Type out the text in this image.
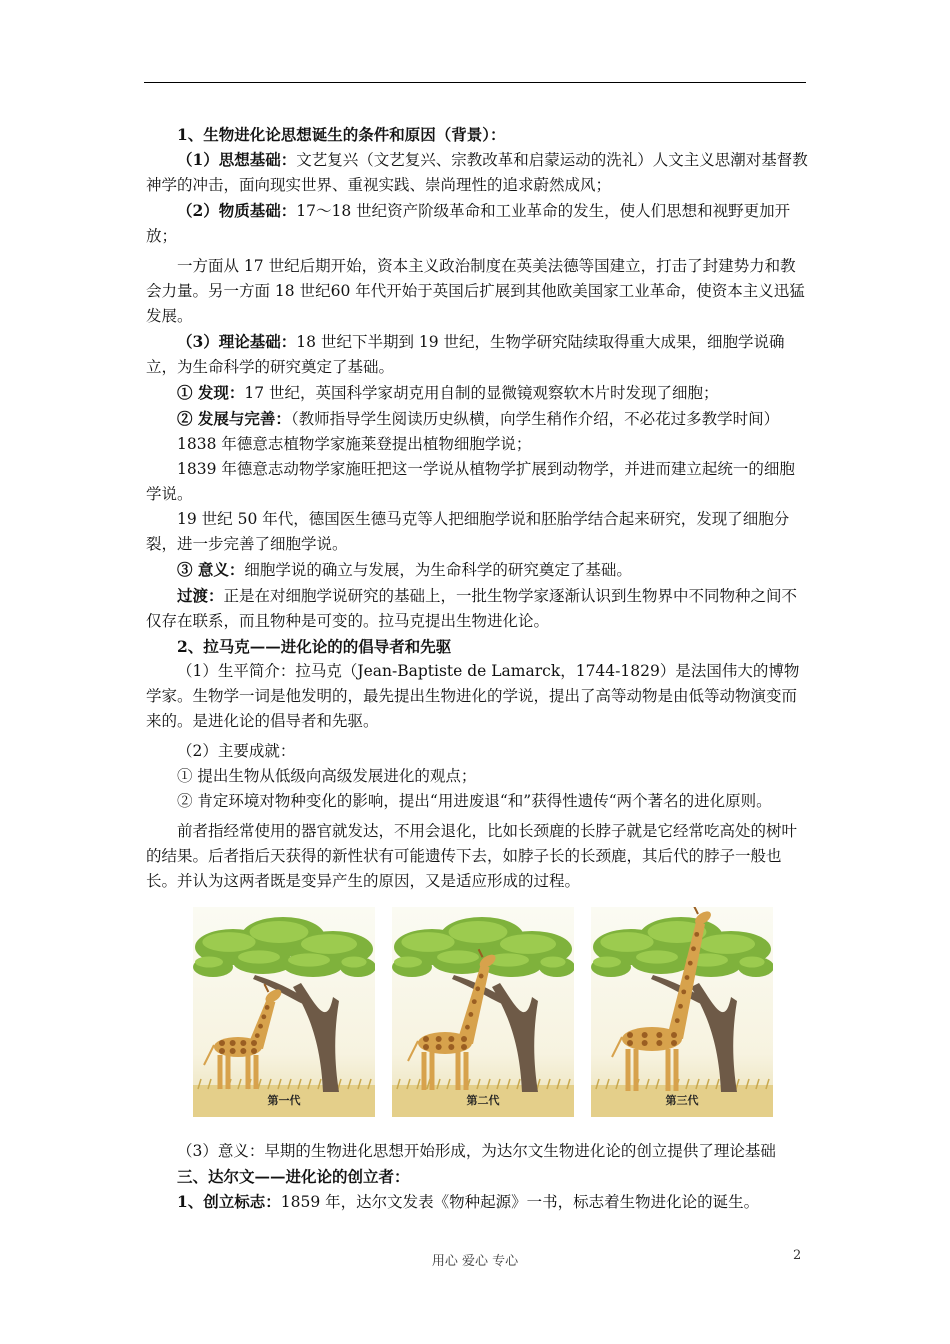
1、生物进化论思想诞生的条件和原因（背景）：

（1）思想基础：文艺复兴（文艺复兴、宗教改革和启蒙运动的洗礼）人文主义思潮对基督教神学的冲击，面向现实世界、重视实践、崇尚理性的追求蔚然成风；

（2）物质基础：17～18 世纪资产阶级革命和工业革命的发生，使人们思想和视野更加开放；

一方面从 17 世纪后期开始，资本主义政治制度在英美法德等国建立，打击了封建势力和教会力量。另一方面 18 世纪60 年代开始于英国后扩展到其他欧美国家工业革命，使资本主义迅猛发展。

（3）理论基础：18 世纪下半期到 19 世纪，生物学研究陆续取得重大成果，细胞学说确立，为生命科学的研究奠定了基础。

① 发现：17 世纪，英国科学家胡克用自制的显微镜观察软木片时发现了细胞；

② 发展与完善：（教师指导学生阅读历史纵横，向学生稍作介绍，不必花过多教学时间）

1838 年德意志植物学家施莱登提出植物细胞学说；

1839 年德意志动物学家施旺把这一学说从植物学扩展到动物学，并进而建立起统一的细胞学说。

19 世纪 50 年代，德国医生德马克等人把细胞学说和胚胎学结合起来研究，发现了细胞分裂，进一步完善了细胞学说。

③ 意义：细胞学说的确立与发展，为生命科学的研究奠定了基础。

过渡：正是在对细胞学说研究的基础上，一批生物学家逐渐认识到生物界中不同物种之间不仅存在联系，而且物种是可变的。拉马克提出生物进化论。

2、拉马克——进化论的的倡导者和先驱

（1）生平简介：拉马克（Jean-Baptiste de Lamarck，1744-1829）是法国伟大的博物学家。生物学一词是他发明的，最先提出生物进化的学说，提出了高等动物是由低等动物演变而来的。是进化论的倡导者和先驱。

（2）主要成就：

① 提出生物从低级向高级发展进化的观点；

② 肯定环境对物种变化的影响，提出“用进废退“和”获得性遗传“两个著名的进化原则。

前者指经常使用的器官就发达，不用会退化，比如长颈鹿的长脖子就是它经常吃高处的树叶的结果。后者指后天获得的新性状有可能遗传下去，如脖子长的长颈鹿，其后代的脖子一般也长。并认为这两者既是变异产生的原因，又是适应形成的过程。

第一代	第二代	第三代

（3）意义：早期的生物进化思想开始形成，为达尔文生物进化论的创立提供了理论基础

三、达尔文——进化论的创立者：

1、创立标志：1859 年，达尔文发表《物种起源》一书，标志着生物进化论的诞生。

用心 爱心 专心	2
